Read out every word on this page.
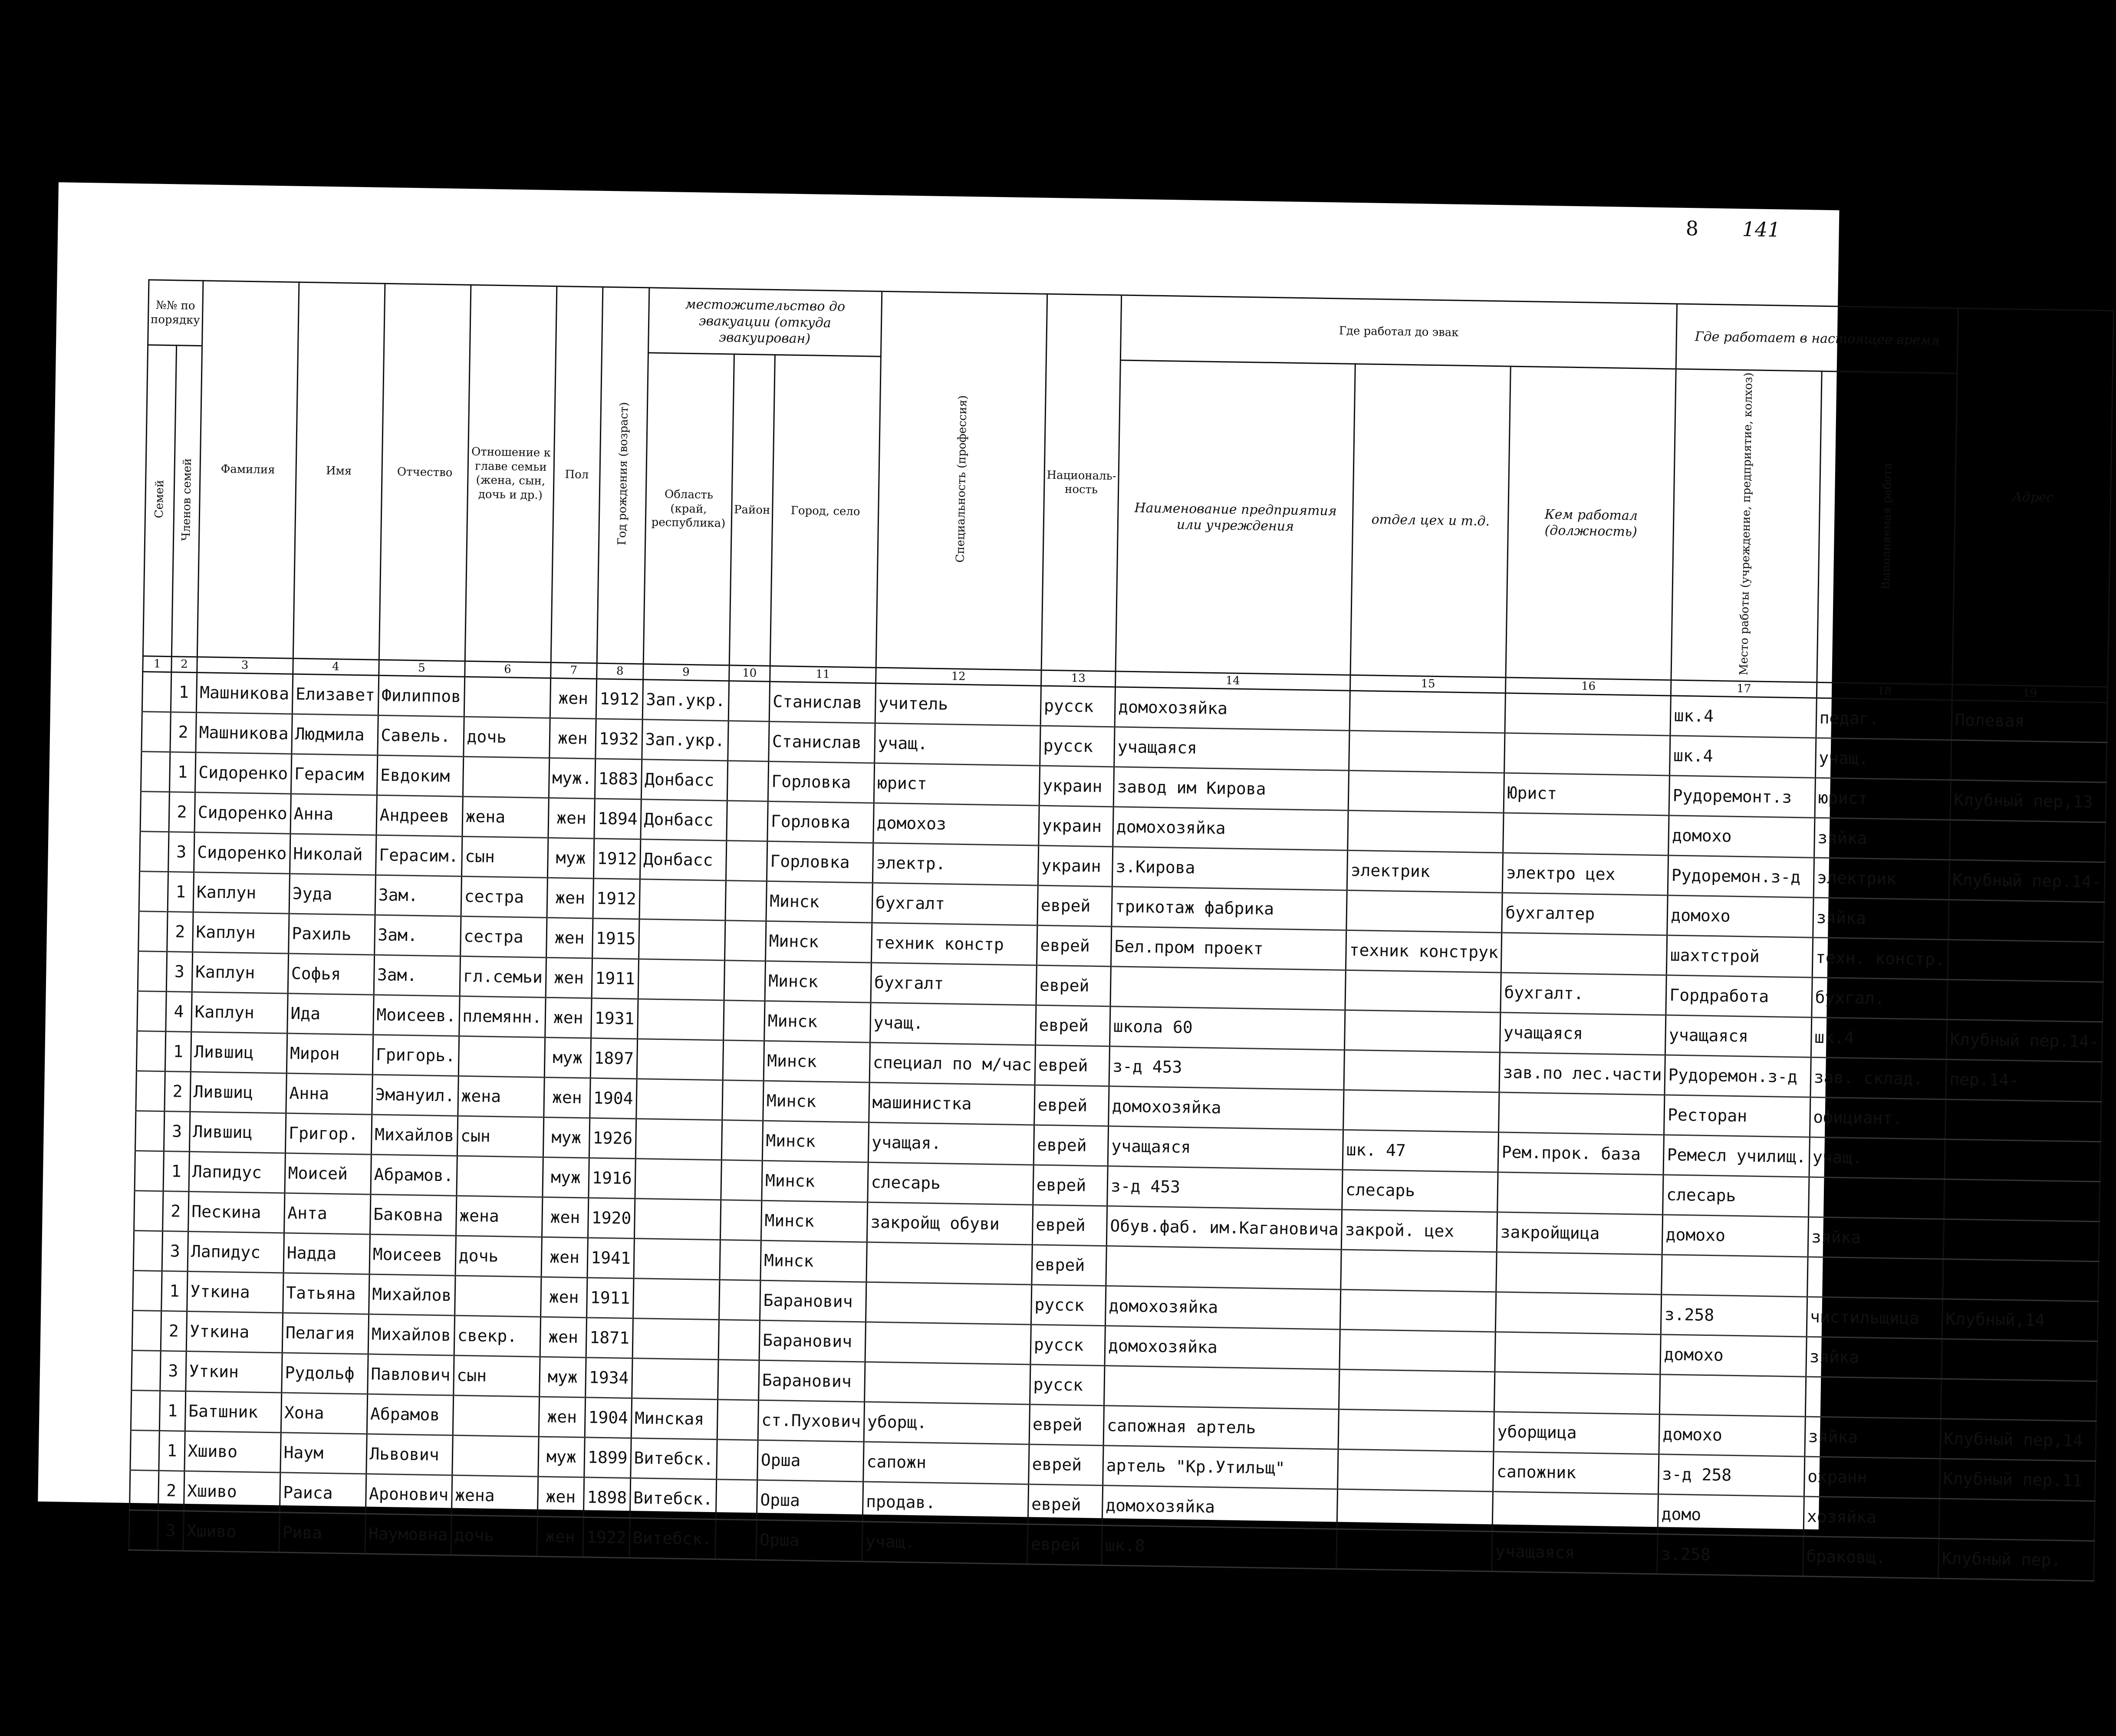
8 141
№№ по порядку		Фамилия	Имя	Отчество	Отношение к главе семьи (жена, сын, дочь и др.)	Пол	Год рождения (возраст)	местожительство до эвакуации (откуда эвакуирован)			Специальность (профессия)	Националь-ность	Где работал до эвак			Где работает в настоящее время		Адрес
Семей	Членов семей							Область (край, республика)	Район	Город, село			Наименование предприятия или учреждения	отдел цех и т.д.	Кем работал (должность)	Место работы (учреждение, предприятие, колхоз)	Выполняемая работа	
1	2	3	4	5	6	7	8	9	10	11	12	13	14	15	16	17	18	19
	1	Машникова	Елизавет	Филиппов		жен	1912	Зап.укр.		Станислав	учитель	русск	домохозяйка			шк.4	педаг.	Полевая
	2	Машникова	Людмила	Савель.	дочь	жен	1932	Зап.укр.		Станислав	учащ.	русск	учащаяся			шк.4	учащ.	
	1	Сидоренко	Герасим	Евдоким		муж.	1883	Донбасс		Горловка	юрист	украин	завод им Кирова		Юрист	Рудоремонт.з	юрист	Клубный пер,13
	2	Сидоренко	Анна	Андреев	жена	жен	1894	Донбасс		Горловка	домохоз	украин	домохозяйка			домохо	зяйка	
	3	Сидоренко	Николай	Герасим.	сын	муж	1912	Донбасс		Горловка	электр.	украин	з.Кирова	электрик	электро цех	Рудоремон.з-д	электрик	Клубный пер.14-
	1	Каплун	Эуда	Зам.	сестра	жен	1912			Минск	бухгалт	еврей	трикотаж фабрика		бухгалтер	домохо	зяйка	
	2	Каплун	Рахиль	Зам.	сестра	жен	1915			Минск	техник констр	еврей	Бел.пром проект	техник конструк		шахтстрой	техн. констр.	
	3	Каплун	Софья	Зам.	гл.семьи	жен	1911			Минск	бухгалт	еврей			бухгалт.	Гордработа	бухгал.	
	4	Каплун	Ида	Моисеев.	племянн.	жен	1931			Минск	учащ.	еврей	школа 60		учащаяся	учащаяся	шк.4	Клубный пер.14-
	1	Лившиц	Мирон	Григорь.		муж	1897			Минск	специал по м/час	еврей	з-д 453		зав.по лес.части	Рудоремон.з-д	зав. склад.	пер.14-
	2	Лившиц	Анна	Эмануил.	жена	жен	1904			Минск	машинистка	еврей	домохозяйка			Ресторан	официант.	
	3	Лившиц	Григор.	Михайлов	сын	муж	1926			Минск	учащая.	еврей	учащаяся	шк. 47	Рем.прок. база	Ремесл училищ.	учащ.	
	1	Лапидус	Моисей	Абрамов.		муж	1916			Минск	слесарь	еврей	з-д 453	слесарь		слесарь		
	2	Пескина	Анта	Баковна	жена	жен	1920			Минск	закройщ обуви	еврей	Обув.фаб. им.Кагановича	закрой. цех	закройщица	домохо	зяйка	
	3	Лапидус	Надда	Моисеев	дочь	жен	1941			Минск		еврей						
	1	Уткина	Татьяна	Михайлов		жен	1911			Баранович		русск	домохозяйка			з.258	чистильщица	Клубный,14
	2	Уткина	Пелагия	Михайлов	свекр.	жен	1871			Баранович		русск	домохозяйка			домохо	зяйка	
	3	Уткин	Рудольф	Павлович	сын	муж	1934			Баранович		русск						
	1	Батшник	Хона	Абрамов		жен	1904	Минская		ст.Пухович	уборщ.	еврей	сапожная артель		уборщица	домохо	зяйка	Клубный пер,14
	1	Хшиво	Наум	Львович		муж	1899	Витебск.		Орша	сапожн	еврей	артель "Кр.Утильщ"		сапожник	з-д 258	охранн	Клубный пер.11
	2	Хшиво	Раиса	Аронович	жена	жен	1898	Витебск.		Орша	продав.	еврей	домохозяйка			домо	хозяйка	
	3	Хшиво	Рива	Наумовна	дочь	жен	1922	Витебск.		Орша	учащ.	еврей	шк.8		учащаяся	з.258	браковщ.	Клубный пер.
